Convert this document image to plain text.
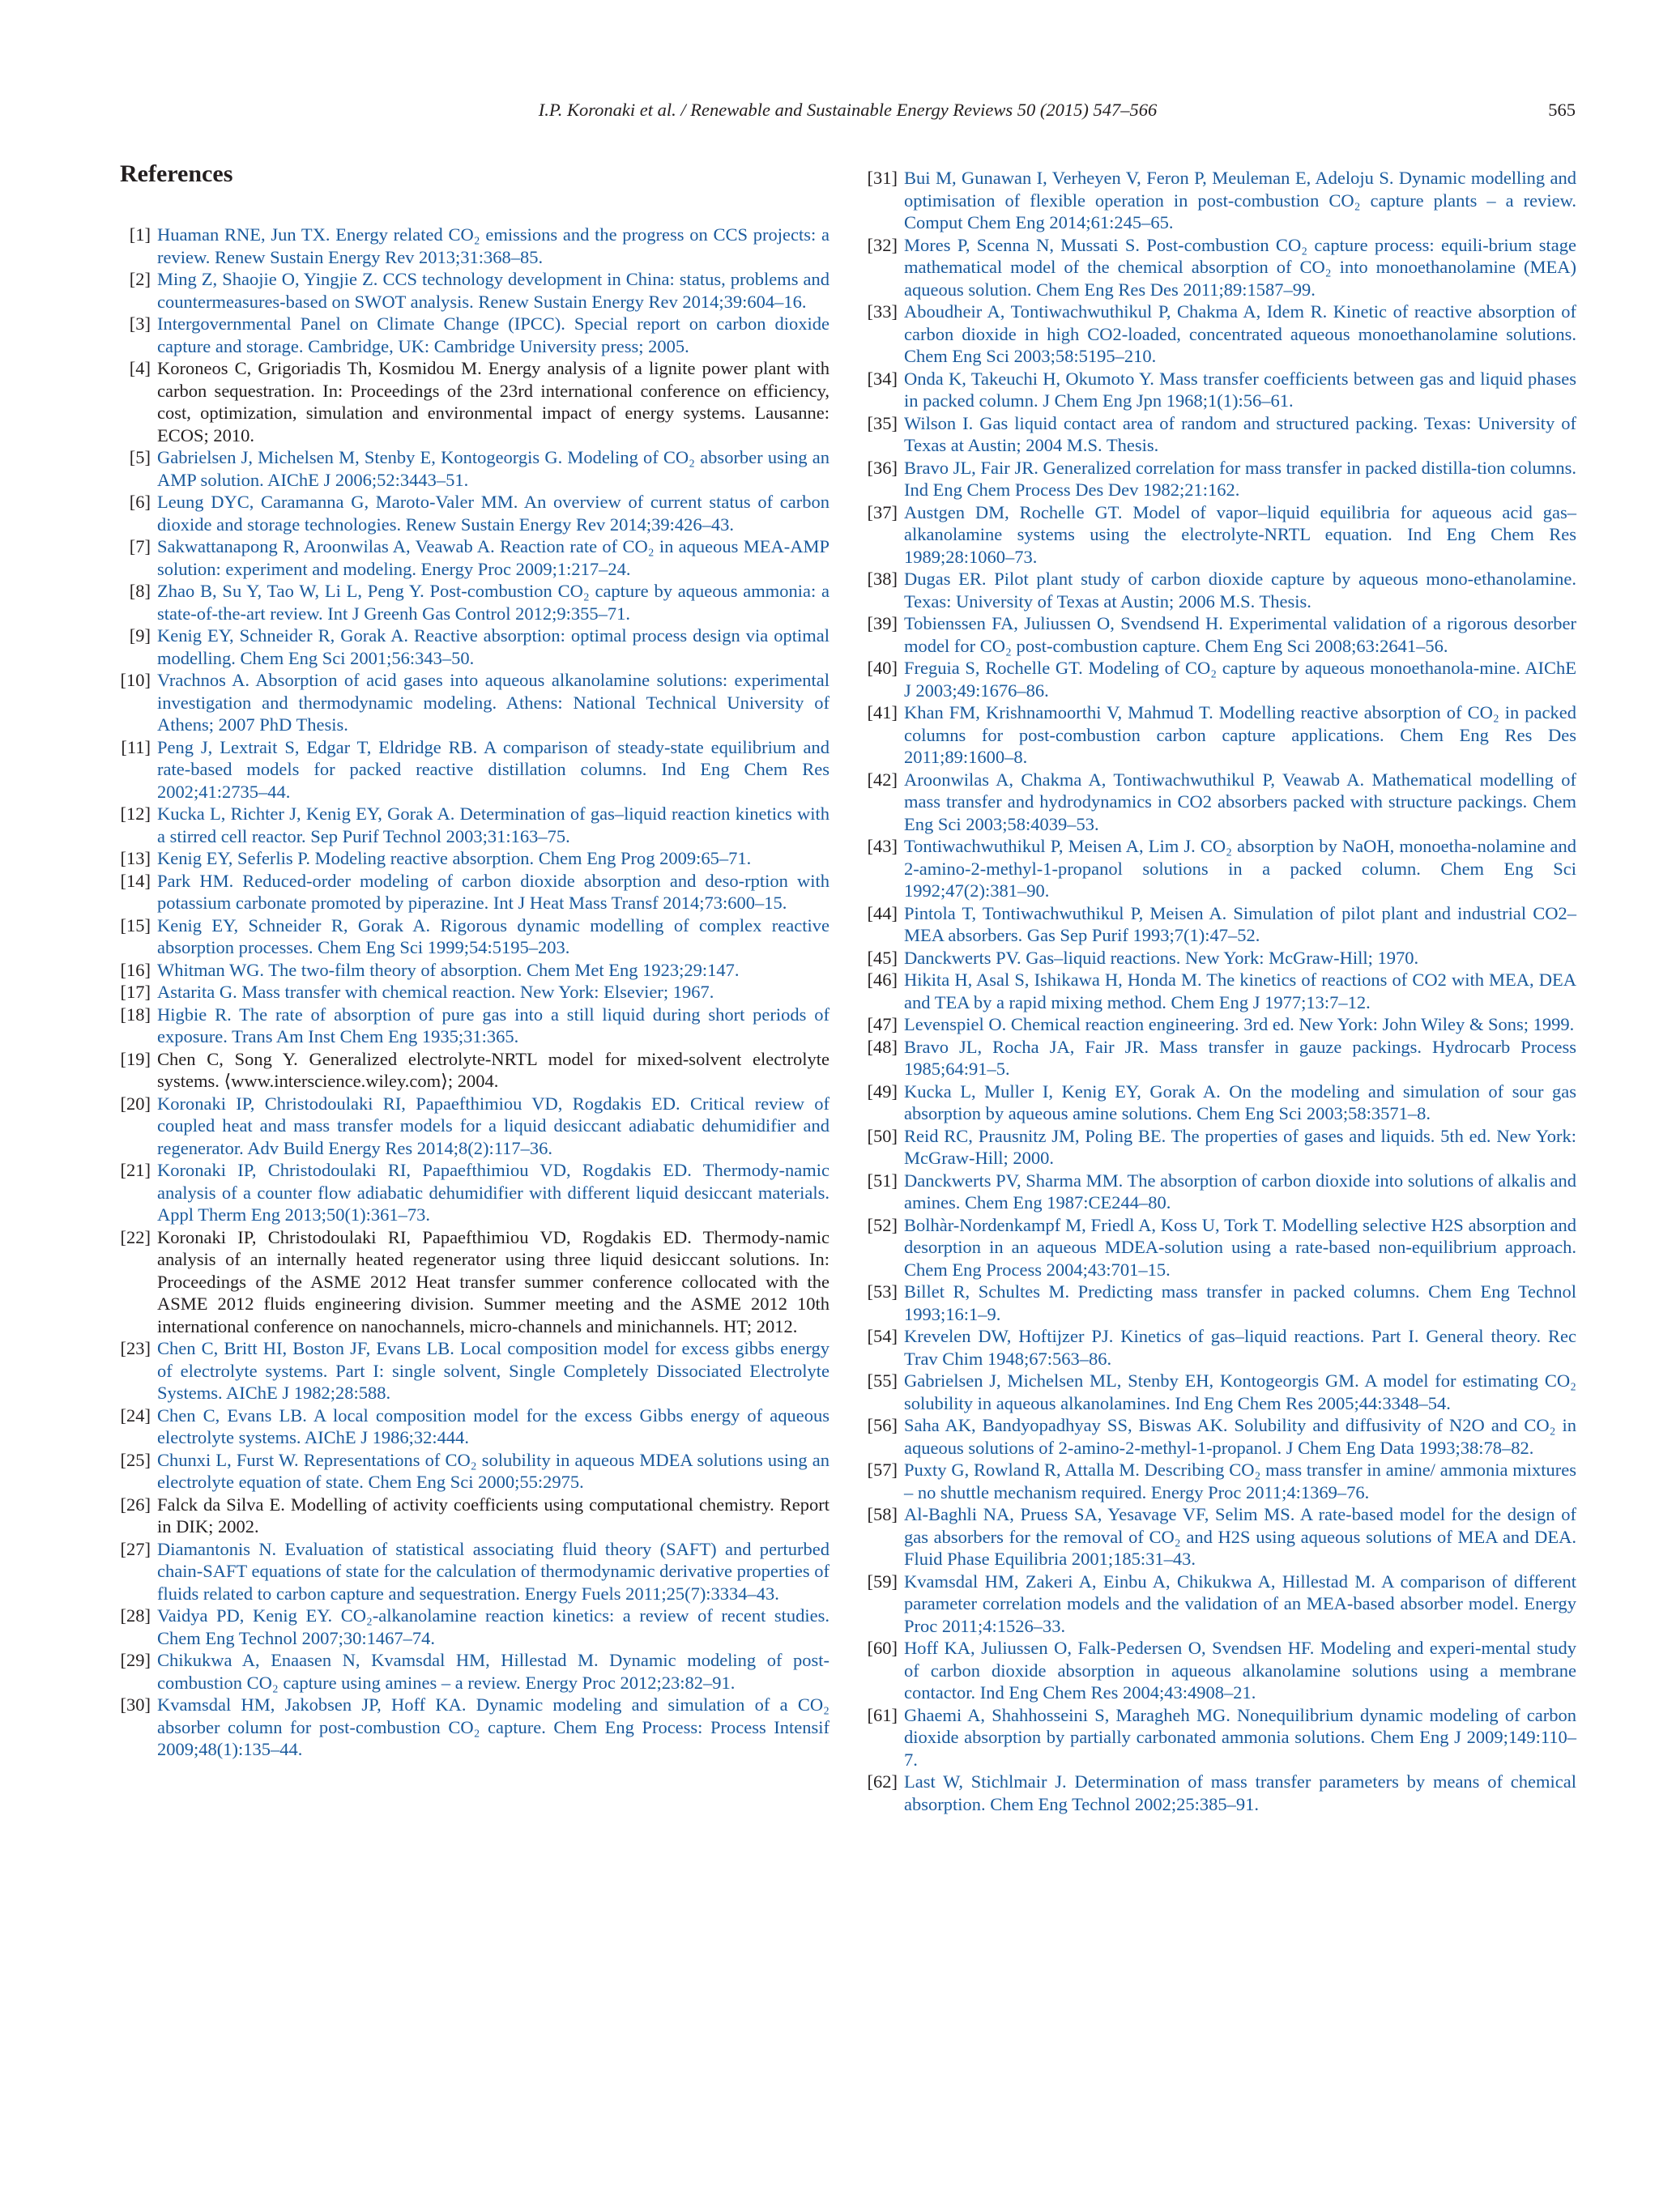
I.P. Koronaki et al. / Renewable and Sustainable Energy Reviews 50 (2015) 547–566	565
References
[1] Huaman RNE, Jun TX. Energy related CO₂ emissions and the progress on CCS projects: a review. Renew Sustain Energy Rev 2013;31:368–85.
[2] Ming Z, Shaojie O, Yingjie Z. CCS technology development in China: status, problems and countermeasures-based on SWOT analysis. Renew Sustain Energy Rev 2014;39:604–16.
[3] Intergovernmental Panel on Climate Change (IPCC). Special report on carbon dioxide capture and storage. Cambridge, UK: Cambridge University press; 2005.
[4] Koroneos C, Grigoriadis Th, Kosmidou M. Energy analysis of a lignite power plant with carbon sequestration. In: Proceedings of the 23rd international conference on efficiency, cost, optimization, simulation and environmental impact of energy systems. Lausanne: ECOS; 2010.
[5] Gabrielsen J, Michelsen M, Stenby E, Kontogeorgis G. Modeling of CO₂ absorber using an AMP solution. AIChE J 2006;52:3443–51.
[6] Leung DYC, Caramanna G, Maroto-Valer MM. An overview of current status of carbon dioxide and storage technologies. Renew Sustain Energy Rev 2014;39:426–43.
[7] Sakwattanapong R, Aroonwilas A, Veawab A. Reaction rate of CO₂ in aqueous MEA-AMP solution: experiment and modeling. Energy Proc 2009;1:217–24.
[8] Zhao B, Su Y, Tao W, Li L, Peng Y. Post-combustion CO₂ capture by aqueous ammonia: a state-of-the-art review. Int J Greenh Gas Control 2012;9:355–71.
[9] Kenig EY, Schneider R, Gorak A. Reactive absorption: optimal process design via optimal modelling. Chem Eng Sci 2001;56:343–50.
[10] Vrachnos A. Absorption of acid gases into aqueous alkanolamine solutions: experimental investigation and thermodynamic modeling. Athens: National Technical University of Athens; 2007 PhD Thesis.
[11] Peng J, Lextrait S, Edgar T, Eldridge RB. A comparison of steady-state equilibrium and rate-based models for packed reactive distillation columns. Ind Eng Chem Res 2002;41:2735–44.
[12] Kucka L, Richter J, Kenig EY, Gorak A. Determination of gas–liquid reaction kinetics with a stirred cell reactor. Sep Purif Technol 2003;31:163–75.
[13] Kenig EY, Seferlis P. Modeling reactive absorption. Chem Eng Prog 2009:65–71.
[14] Park HM. Reduced-order modeling of carbon dioxide absorption and deso-rption with potassium carbonate promoted by piperazine. Int J Heat Mass Transf 2014;73:600–15.
[15] Kenig EY, Schneider R, Gorak A. Rigorous dynamic modelling of complex reactive absorption processes. Chem Eng Sci 1999;54:5195–203.
[16] Whitman WG. The two-film theory of absorption. Chem Met Eng 1923;29:147.
[17] Astarita G. Mass transfer with chemical reaction. New York: Elsevier; 1967.
[18] Higbie R. The rate of absorption of pure gas into a still liquid during short periods of exposure. Trans Am Inst Chem Eng 1935;31:365.
[19] Chen C, Song Y. Generalized electrolyte-NRTL model for mixed-solvent electrolyte systems. ⟨www.interscience.wiley.com⟩; 2004.
[20] Koronaki IP, Christodoulaki RI, Papaefthimiou VD, Rogdakis ED. Critical review of coupled heat and mass transfer models for a liquid desiccant adiabatic dehumidifier and regenerator. Adv Build Energy Res 2014;8(2):117–36.
[21] Koronaki IP, Christodoulaki RI, Papaefthimiou VD, Rogdakis ED. Thermody-namic analysis of a counter flow adiabatic dehumidifier with different liquid desiccant materials. Appl Therm Eng 2013;50(1):361–73.
[22] Koronaki IP, Christodoulaki RI, Papaefthimiou VD, Rogdakis ED. Thermody-namic analysis of an internally heated regenerator using three liquid desiccant solutions. In: Proceedings of the ASME 2012 Heat transfer summer conference collocated with the ASME 2012 fluids engineering division. Summer meeting and the ASME 2012 10th international conference on nanochannels, micro-channels and minichannels. HT; 2012.
[23] Chen C, Britt HI, Boston JF, Evans LB. Local composition model for excess gibbs energy of electrolyte systems. Part I: single solvent, Single Completely Dissociated Electrolyte Systems. AIChE J 1982;28:588.
[24] Chen C, Evans LB. A local composition model for the excess Gibbs energy of aqueous electrolyte systems. AIChE J 1986;32:444.
[25] Chunxi L, Furst W. Representations of CO₂ solubility in aqueous MDEA solutions using an electrolyte equation of state. Chem Eng Sci 2000;55:2975.
[26] Falck da Silva E. Modelling of activity coefficients using computational chemistry. Report in DIK; 2002.
[27] Diamantonis N. Evaluation of statistical associating fluid theory (SAFT) and perturbed chain-SAFT equations of state for the calculation of thermodynamic derivative properties of fluids related to carbon capture and sequestration. Energy Fuels 2011;25(7):3334–43.
[28] Vaidya PD, Kenig EY. CO₂-alkanolamine reaction kinetics: a review of recent studies. Chem Eng Technol 2007;30:1467–74.
[29] Chikukwa A, Enaasen N, Kvamsdal HM, Hillestad M. Dynamic modeling of post-combustion CO₂ capture using amines – a review. Energy Proc 2012;23:82–91.
[30] Kvamsdal HM, Jakobsen JP, Hoff KA. Dynamic modeling and simulation of a CO₂ absorber column for post-combustion CO₂ capture. Chem Eng Process: Process Intensif 2009;48(1):135–44.
[31] Bui M, Gunawan I, Verheyen V, Feron P, Meuleman E, Adeloju S. Dynamic modelling and optimisation of flexible operation in post-combustion CO₂ capture plants – a review. Comput Chem Eng 2014;61:245–65.
[32] Mores P, Scenna N, Mussati S. Post-combustion CO₂ capture process: equili-brium stage mathematical model of the chemical absorption of CO₂ into monoethanolamine (MEA) aqueous solution. Chem Eng Res Des 2011;89:1587–99.
[33] Aboudheir A, Tontiwachwuthikul P, Chakma A, Idem R. Kinetic of reactive absorption of carbon dioxide in high CO2-loaded, concentrated aqueous monoethanolamine solutions. Chem Eng Sci 2003;58:5195–210.
[34] Onda K, Takeuchi H, Okumoto Y. Mass transfer coefficients between gas and liquid phases in packed column. J Chem Eng Jpn 1968;1(1):56–61.
[35] Wilson I. Gas liquid contact area of random and structured packing. Texas: University of Texas at Austin; 2004 M.S. Thesis.
[36] Bravo JL, Fair JR. Generalized correlation for mass transfer in packed distilla-tion columns. Ind Eng Chem Process Des Dev 1982;21:162.
[37] Austgen DM, Rochelle GT. Model of vapor–liquid equilibria for aqueous acid gas–alkanolamine systems using the electrolyte-NRTL equation. Ind Eng Chem Res 1989;28:1060–73.
[38] Dugas ER. Pilot plant study of carbon dioxide capture by aqueous mono-ethanolamine. Texas: University of Texas at Austin; 2006 M.S. Thesis.
[39] Tobienssen FA, Juliussen O, Svendsend H. Experimental validation of a rigorous desorber model for CO₂ post-combustion capture. Chem Eng Sci 2008;63:2641–56.
[40] Freguia S, Rochelle GT. Modeling of CO₂ capture by aqueous monoethanola-mine. AIChE J 2003;49:1676–86.
[41] Khan FM, Krishnamoorthi V, Mahmud T. Modelling reactive absorption of CO₂ in packed columns for post-combustion carbon capture applications. Chem Eng Res Des 2011;89:1600–8.
[42] Aroonwilas A, Chakma A, Tontiwachwuthikul P, Veawab A. Mathematical modelling of mass transfer and hydrodynamics in CO2 absorbers packed with structure packings. Chem Eng Sci 2003;58:4039–53.
[43] Tontiwachwuthikul P, Meisen A, Lim J. CO₂ absorption by NaOH, monoetha-nolamine and 2-amino-2-methyl-1-propanol solutions in a packed column. Chem Eng Sci 1992;47(2):381–90.
[44] Pintola T, Tontiwachwuthikul P, Meisen A. Simulation of pilot plant and industrial CO2–MEA absorbers. Gas Sep Purif 1993;7(1):47–52.
[45] Danckwerts PV. Gas–liquid reactions. New York: McGraw-Hill; 1970.
[46] Hikita H, Asal S, Ishikawa H, Honda M. The kinetics of reactions of CO2 with MEA, DEA and TEA by a rapid mixing method. Chem Eng J 1977;13:7–12.
[47] Levenspiel O. Chemical reaction engineering. 3rd ed. New York: John Wiley & Sons; 1999.
[48] Bravo JL, Rocha JA, Fair JR. Mass transfer in gauze packings. Hydrocarb Process 1985;64:91–5.
[49] Kucka L, Muller I, Kenig EY, Gorak A. On the modeling and simulation of sour gas absorption by aqueous amine solutions. Chem Eng Sci 2003;58:3571–8.
[50] Reid RC, Prausnitz JM, Poling BE. The properties of gases and liquids. 5th ed. New York: McGraw-Hill; 2000.
[51] Danckwerts PV, Sharma MM. The absorption of carbon dioxide into solutions of alkalis and amines. Chem Eng 1987:CE244–80.
[52] Bolhàr-Nordenkampf M, Friedl A, Koss U, Tork T. Modelling selective H2S absorption and desorption in an aqueous MDEA-solution using a rate-based non-equilibrium approach. Chem Eng Process 2004;43:701–15.
[53] Billet R, Schultes M. Predicting mass transfer in packed columns. Chem Eng Technol 1993;16:1–9.
[54] Krevelen DW, Hoftijzer PJ. Kinetics of gas–liquid reactions. Part I. General theory. Rec Trav Chim 1948;67:563–86.
[55] Gabrielsen J, Michelsen ML, Stenby EH, Kontogeorgis GM. A model for estimating CO₂ solubility in aqueous alkanolamines. Ind Eng Chem Res 2005;44:3348–54.
[56] Saha AK, Bandyopadhyay SS, Biswas AK. Solubility and diffusivity of N2O and CO₂ in aqueous solutions of 2-amino-2-methyl-1-propanol. J Chem Eng Data 1993;38:78–82.
[57] Puxty G, Rowland R, Attalla M. Describing CO₂ mass transfer in amine/ ammonia mixtures – no shuttle mechanism required. Energy Proc 2011;4:1369–76.
[58] Al-Baghli NA, Pruess SA, Yesavage VF, Selim MS. A rate-based model for the design of gas absorbers for the removal of CO₂ and H2S using aqueous solutions of MEA and DEA. Fluid Phase Equilibria 2001;185:31–43.
[59] Kvamsdal HM, Zakeri A, Einbu A, Chikukwa A, Hillestad M. A comparison of different parameter correlation models and the validation of an MEA-based absorber model. Energy Proc 2011;4:1526–33.
[60] Hoff KA, Juliussen O, Falk-Pedersen O, Svendsen HF. Modeling and experi-mental study of carbon dioxide absorption in aqueous alkanolamine solutions using a membrane contactor. Ind Eng Chem Res 2004;43:4908–21.
[61] Ghaemi A, Shahhosseini S, Maragheh MG. Nonequilibrium dynamic modeling of carbon dioxide absorption by partially carbonated ammonia solutions. Chem Eng J 2009;149:110–7.
[62] Last W, Stichlmair J. Determination of mass transfer parameters by means of chemical absorption. Chem Eng Technol 2002;25:385–91.
